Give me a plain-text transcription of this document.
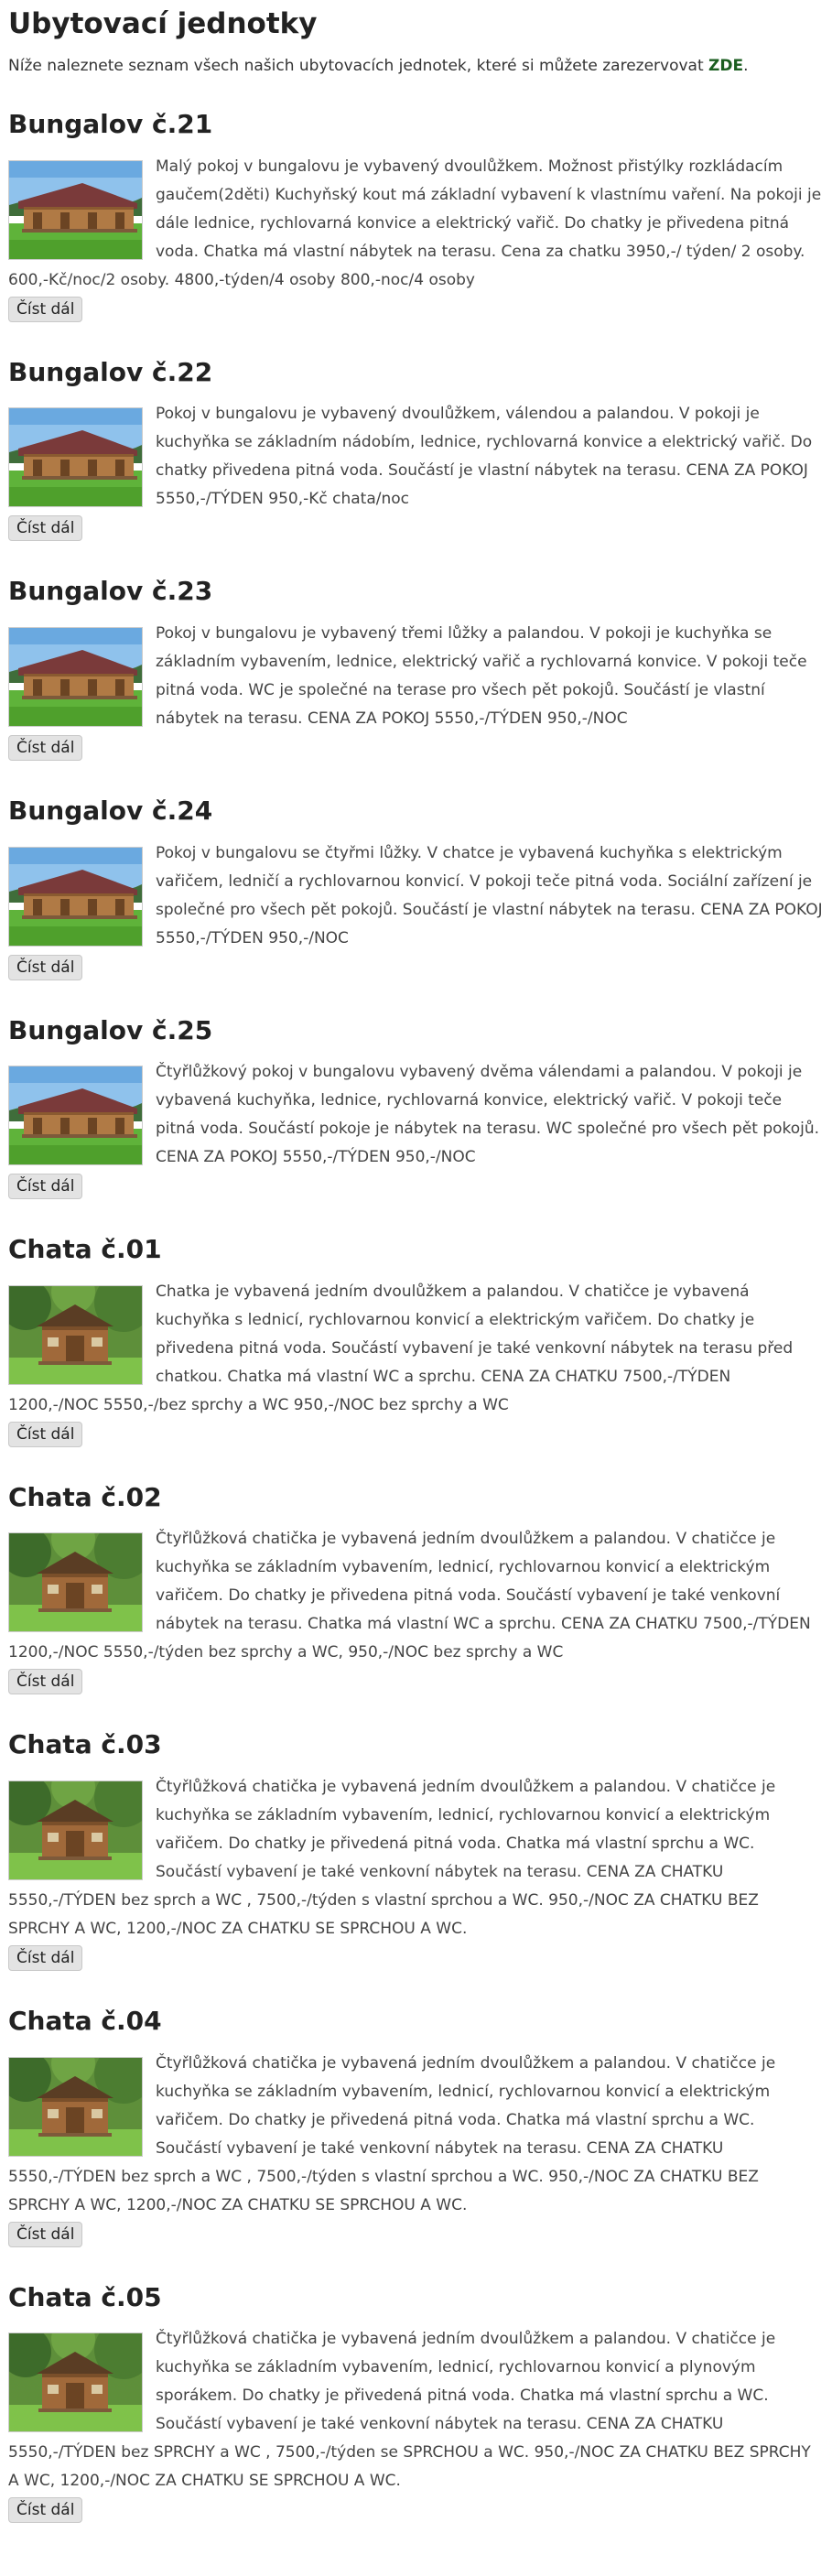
Ubytovací jednotky

Níže naleznete seznam všech našich ubytovacích jednotek, které si můžete zarezervovat ZDE.

Bungalov č.21
Malý pokoj v bungalovu je vybavený dvoulůžkem. Možnost přistýlky rozkládacím gaučem(2děti) Kuchyňský kout má základní vybavení k vlastnímu vaření. Na pokoji je dále lednice, rychlovarná konvice a elektrický vařič. Do chatky je přivedena pitná voda. Chatka má vlastní nábytek na terasu. Cena za chatku 3950,-/ týden/ 2 osoby. 600,-Kč/noc/2 osoby. 4800,-týden/4 osoby 800,-noc/4 osoby
Číst dál
Bungalov č.22
Pokoj v bungalovu je vybavený dvoulůžkem, válendou a palandou. V pokoji je kuchyňka se základním nádobím, lednice, rychlovarná konvice a elektrický vařič. Do chatky přivedena pitná voda. Součástí je vlastní nábytek na terasu. CENA ZA POKOJ 5550,-/TÝDEN 950,-Kč chata/noc
Číst dál
Bungalov č.23
Pokoj v bungalovu je vybavený třemi lůžky a palandou. V pokoji je kuchyňka se základním vybavením, lednice, elektrický vařič a rychlovarná konvice. V pokoji teče pitná voda. WC je společné na terase pro všech pět pokojů. Součástí je vlastní nábytek na terasu. CENA ZA POKOJ 5550,-/TÝDEN 950,-/NOC
Číst dál
Bungalov č.24
Pokoj v bungalovu se čtyřmi lůžky. V chatce je vybavená kuchyňka s elektrickým vařičem, ledničí a rychlovarnou konvicí. V pokoji teče pitná voda. Sociální zařízení je společné pro všech pět pokojů. Součástí je vlastní nábytek na terasu. CENA ZA POKOJ 5550,-/TÝDEN 950,-/NOC
Číst dál
Bungalov č.25
Čtyřlůžkový pokoj v bungalovu vybavený dvěma válendami a palandou. V pokoji je vybavená kuchyňka, lednice, rychlovarná konvice, elektrický vařič. V pokoji teče pitná voda. Součástí pokoje je nábytek na terasu. WC společné pro všech pět pokojů. CENA ZA POKOJ 5550,-/TÝDEN 950,-/NOC
Číst dál
Chata č.01
Chatka je vybavená jedním dvoulůžkem a palandou. V chatičce je vybavená kuchyňka s lednicí, rychlovarnou konvicí a elektrickým vařičem. Do chatky je přivedena pitná voda. Součástí vybavení je také venkovní nábytek na terasu před chatkou. Chatka má vlastní WC a sprchu. CENA ZA CHATKU 7500,-/TÝDEN 1200,-/NOC 5550,-/bez sprchy a WC 950,-/NOC bez sprchy a WC
Číst dál
Chata č.02
Čtyřlůžková chatička je vybavená jedním dvoulůžkem a palandou. V chatičce je kuchyňka se základním vybavením, lednicí, rychlovarnou konvicí a elektrickým vařičem. Do chatky je přivedena pitná voda. Součástí vybavení je také venkovní nábytek na terasu. Chatka má vlastní WC a sprchu. CENA ZA CHATKU 7500,-/TÝDEN 1200,-/NOC 5550,-/týden bez sprchy a WC, 950,-/NOC bez sprchy a WC
Číst dál
Chata č.03
Čtyřlůžková chatička je vybavená jedním dvoulůžkem a palandou. V chatičce je kuchyňka se základním vybavením, lednicí, rychlovarnou konvicí a elektrickým vařičem. Do chatky je přivedená pitná voda. Chatka má vlastní sprchu a WC. Součástí vybavení je také venkovní nábytek na terasu. CENA ZA CHATKU 5550,-/TÝDEN bez sprch a WC , 7500,-/týden s vlastní sprchou a WC. 950,-/NOC ZA CHATKU BEZ SPRCHY A WC, 1200,-/NOC ZA CHATKU SE SPRCHOU A WC.
Číst dál
Chata č.04
Čtyřlůžková chatička je vybavená jedním dvoulůžkem a palandou. V chatičce je kuchyňka se základním vybavením, lednicí, rychlovarnou konvicí a elektrickým vařičem. Do chatky je přivedená pitná voda. Chatka má vlastní sprchu a WC. Součástí vybavení je také venkovní nábytek na terasu. CENA ZA CHATKU 5550,-/TÝDEN bez sprch a WC , 7500,-/týden s vlastní sprchou a WC. 950,-/NOC ZA CHATKU BEZ SPRCHY A WC, 1200,-/NOC ZA CHATKU SE SPRCHOU A WC.
Číst dál
Chata č.05
Čtyřlůžková chatička je vybavená jedním dvoulůžkem a palandou. V chatičce je kuchyňka se základním vybavením, lednicí, rychlovarnou konvicí a plynovým sporákem. Do chatky je přivedená pitná voda. Chatka má vlastní sprchu a WC. Součástí vybavení je také venkovní nábytek na terasu. CENA ZA CHATKU 5550,-/TÝDEN bez SPRCHY a WC , 7500,-/týden se SPRCHOU a WC. 950,-/NOC ZA CHATKU BEZ SPRCHY A WC, 1200,-/NOC ZA CHATKU SE SPRCHOU A WC.
Číst dál
